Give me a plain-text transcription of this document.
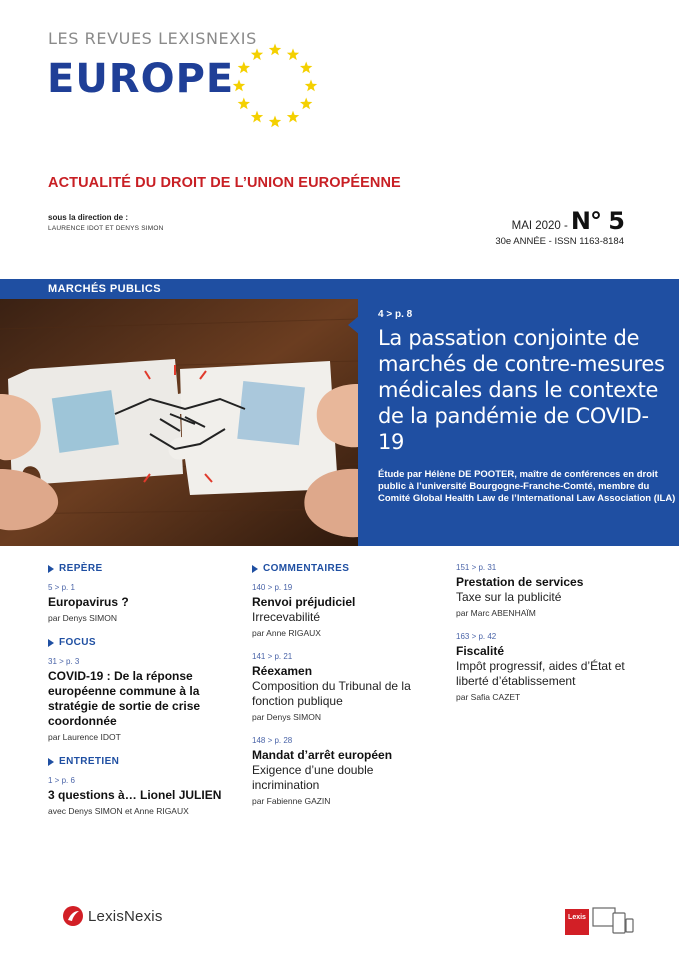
LES REVUES LEXISNEXIS
EUROPE
ACTUALITÉ DU DROIT DE L’UNION EUROPÉENNE
sous la direction de :
LAURENCE IDOT ET DENYS SIMON	MAI 2020 - N° 5
30e ANNÉE - ISSN 1163-8184
MARCHÉS PUBLICS
4 > p. 8
La passation conjointe de marchés de contre-mesures médicales dans le contexte de la pandémie de COVID-19
Étude par Hélène DE POOTER, maître de conférences en droit public à l’université Bourgogne-Franche-Comté, membre du Comité Global Health Law de l’International Law Association (ILA)
REPÈRE
5 > p. 1
Europavirus ?
par Denys SIMON
FOCUS
31 > p. 3
COVID-19 : De la réponse européenne commune à la stratégie de sortie de crise coordonnée
par Laurence IDOT
ENTRETIEN
1 > p. 6
3 questions à… Lionel JULIEN
avec Denys SIMON et Anne RIGAUX
COMMENTAIRES
140 > p. 19
Renvoi préjudiciel
Irrecevabilité
par Anne RIGAUX
141 > p. 21
Réexamen
Composition du Tribunal de la fonction publique
par Denys SIMON
148 > p. 28
Mandat d’arrêt européen
Exigence d’une double incrimination
par Fabienne GAZIN
151 > p. 31
Prestation de services
Taxe sur la publicité
par Marc ABENHAÏM
163 > p. 42
Fiscalité
Impôt progressif, aides d’État et liberté d’établissement
par Safia CAZET
LexisNexis	Lexis
